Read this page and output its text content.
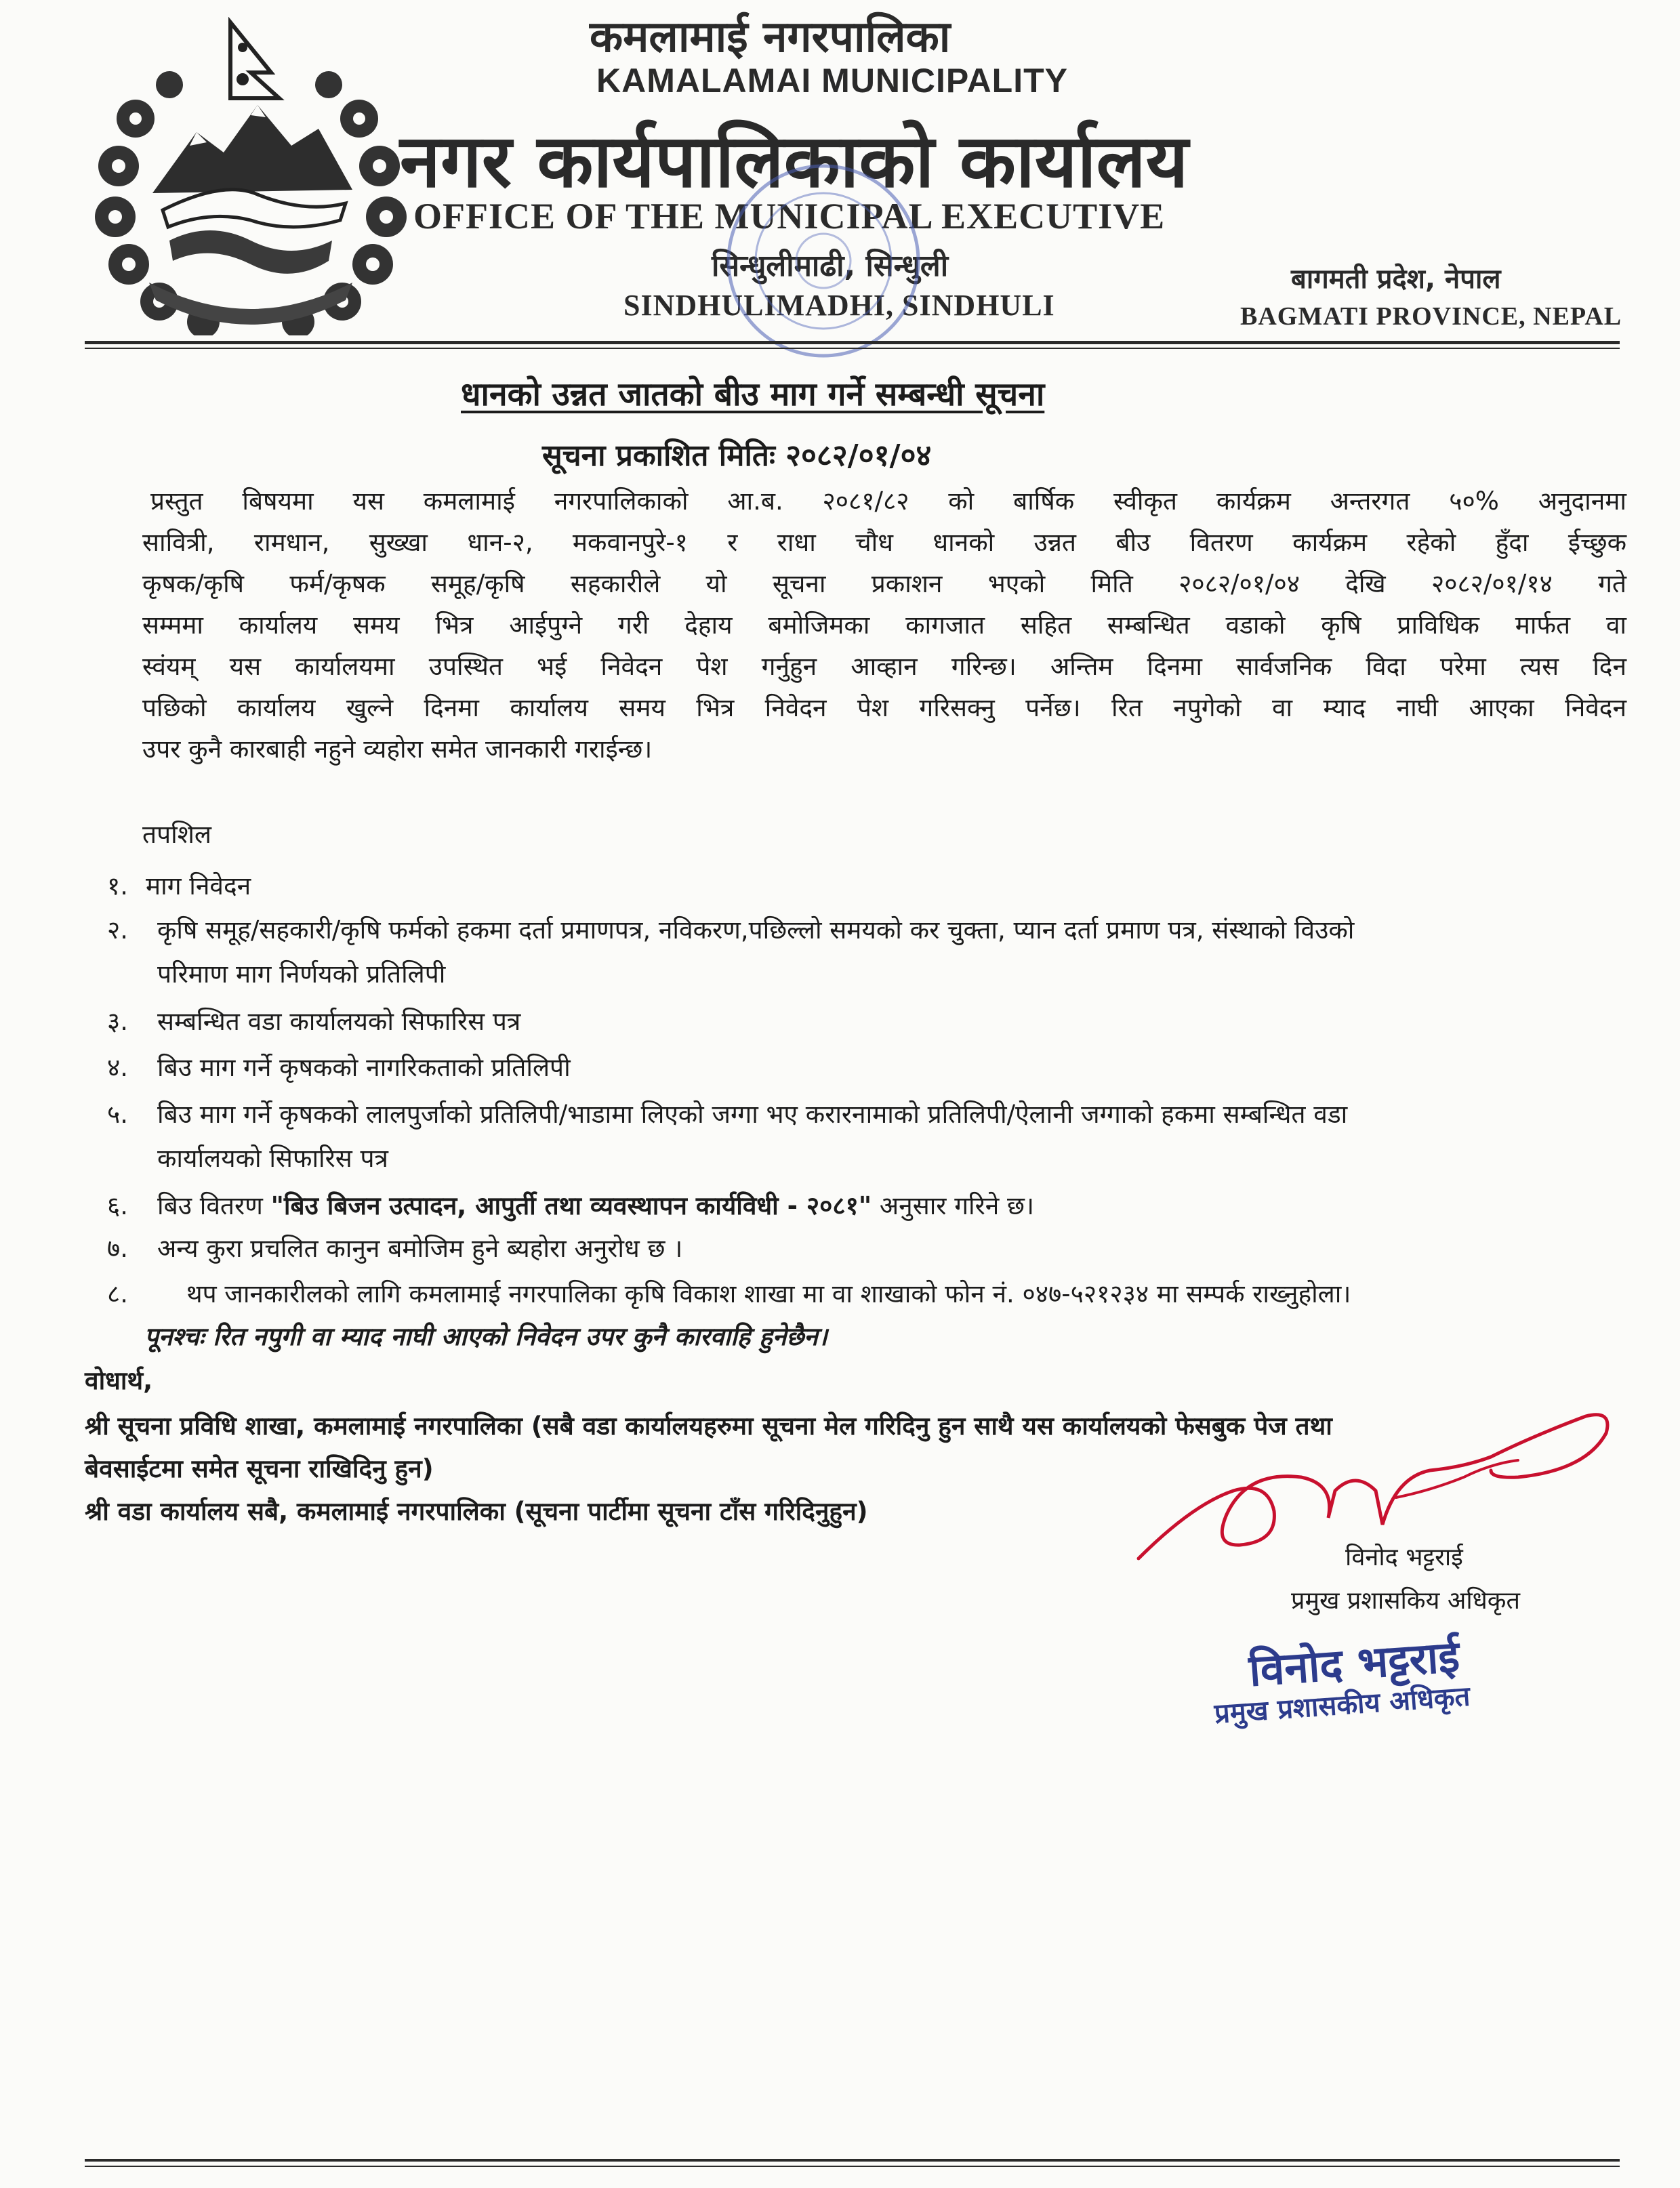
कमलामाई नगरपालिका
KAMALAMAI MUNICIPALITY
नगर कार्यपालिकाको कार्यालय
OFFICE OF THE MUNICIPAL EXECUTIVE
सिन्धुलीमाढी, सिन्धुली
SINDHULIMADHI, SINDHULI
बागमती प्रदेश, नेपाल
BAGMATI PROVINCE, NEPAL
धानको उन्नत जातको बीउ माग गर्ने सम्बन्धी सूचना
सूचना प्रकाशित मितिः २०८२/०१/०४
प्रस्तुत बिषयमा यस कमलामाई नगरपालिकाको आ.ब. २०८१/८२ को बार्षिक स्वीकृत कार्यक्रम अन्तरगत ५०% अनुदानमा
सावित्री, रामधान, सुख्खा धान-२, मकवानपुरे-१ र राधा चौध धानको उन्नत बीउ वितरण कार्यक्रम रहेको हुँदा ईच्छुक
कृषक/कृषि फर्म/कृषक समूह/कृषि सहकारीले यो सूचना प्रकाशन भएको मिति २०८२/०१/०४ देखि २०८२/०१/१४ गते
सम्ममा कार्यालय समय भित्र आईपुग्ने गरी देहाय बमोजिमका कागजात सहित सम्बन्धित वडाको कृषि प्राविधिक मार्फत वा
स्वंयम् यस कार्यालयमा उपस्थित भई निवेदन पेश गर्नुहुन आव्हान गरिन्छ। अन्तिम दिनमा सार्वजनिक विदा परेमा त्यस दिन
पछिको कार्यालय खुल्ने दिनमा कार्यालय समय भित्र निवेदन पेश गरिसक्नु पर्नेछ। रित नपुगेको वा म्याद नाघी आएका निवेदन
उपर कुनै कारबाही नहुने व्यहोरा समेत जानकारी गराईन्छ।
तपशिल
१. माग निवेदन
२. कृषि समूह/सहकारी/कृषि फर्मको हकमा दर्ता प्रमाणपत्र, नविकरण,पछिल्लो समयको कर चुक्ता, प्यान दर्ता प्रमाण पत्र, संस्थाको विउको
परिमाण माग निर्णयको प्रतिलिपी
३. सम्बन्धित वडा कार्यालयको सिफारिस पत्र
४. बिउ माग गर्ने कृषकको नागरिकताको प्रतिलिपी
५. बिउ माग गर्ने कृषकको लालपुर्जाको प्रतिलिपी/भाडामा लिएको जग्गा भए करारनामाको प्रतिलिपी/ऐलानी जग्गाको हकमा सम्बन्धित वडा
कार्यालयको सिफारिस पत्र
६. बिउ वितरण "बिउ बिजन उत्पादन, आपुर्ती तथा व्यवस्थापन कार्यविधी - २०८१" अनुसार गरिने छ।
७. अन्य कुरा प्रचलित कानुन बमोजिम हुने ब्यहोरा अनुरोध छ ।
८. थप जानकारीलको लागि कमलामाई नगरपालिका कृषि विकाश शाखा मा वा शाखाको फोन नं. ०४७-५२१२३४ मा सम्पर्क राख्नुहोला।
पूनश्चः रित नपुगी वा म्याद नाघी आएको निवेदन उपर कुनै कारवाहि हुनेछैन।
वोधार्थ,
श्री सूचना प्रविधि शाखा, कमलामाई नगरपालिका (सबै वडा कार्यालयहरुमा सूचना मेल गरिदिनु हुन साथै यस कार्यालयको फेसबुक पेज तथा
बेवसाईटमा समेत सूचना राखिदिनु हुन)
श्री वडा कार्यालय सबै, कमलामाई नगरपालिका (सूचना पार्टीमा सूचना टाँस गरिदिनुहुन)
विनोद भट्टराई
प्रमुख प्रशासकिय अधिकृत
विनोद भट्टराई
प्रमुख प्रशासकीय अधिकृत
